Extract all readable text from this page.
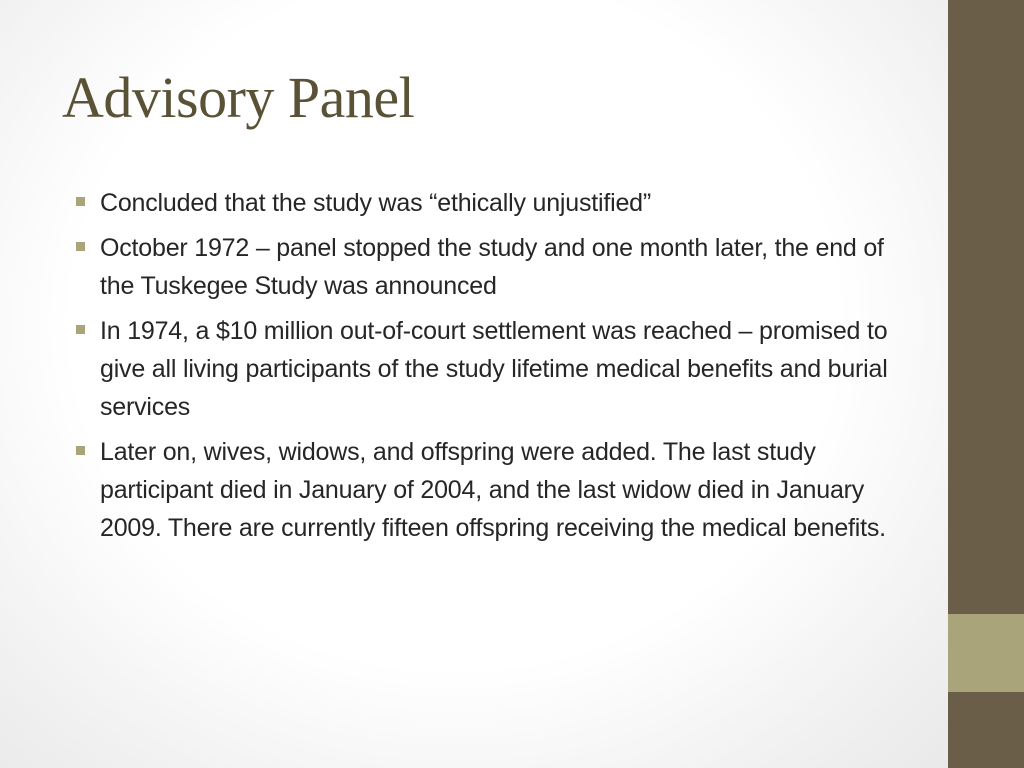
Advisory Panel
Concluded that the study was “ethically unjustified”
October 1972 – panel stopped the study and one month later, the end of the Tuskegee Study was announced
In 1974, a $10 million out-of-court settlement was reached – promised to give all living participants of the study lifetime medical benefits and burial services
Later on, wives, widows, and offspring were added. The last study participant died in January of 2004, and the last widow died in January 2009. There are currently fifteen offspring receiving the medical benefits.
